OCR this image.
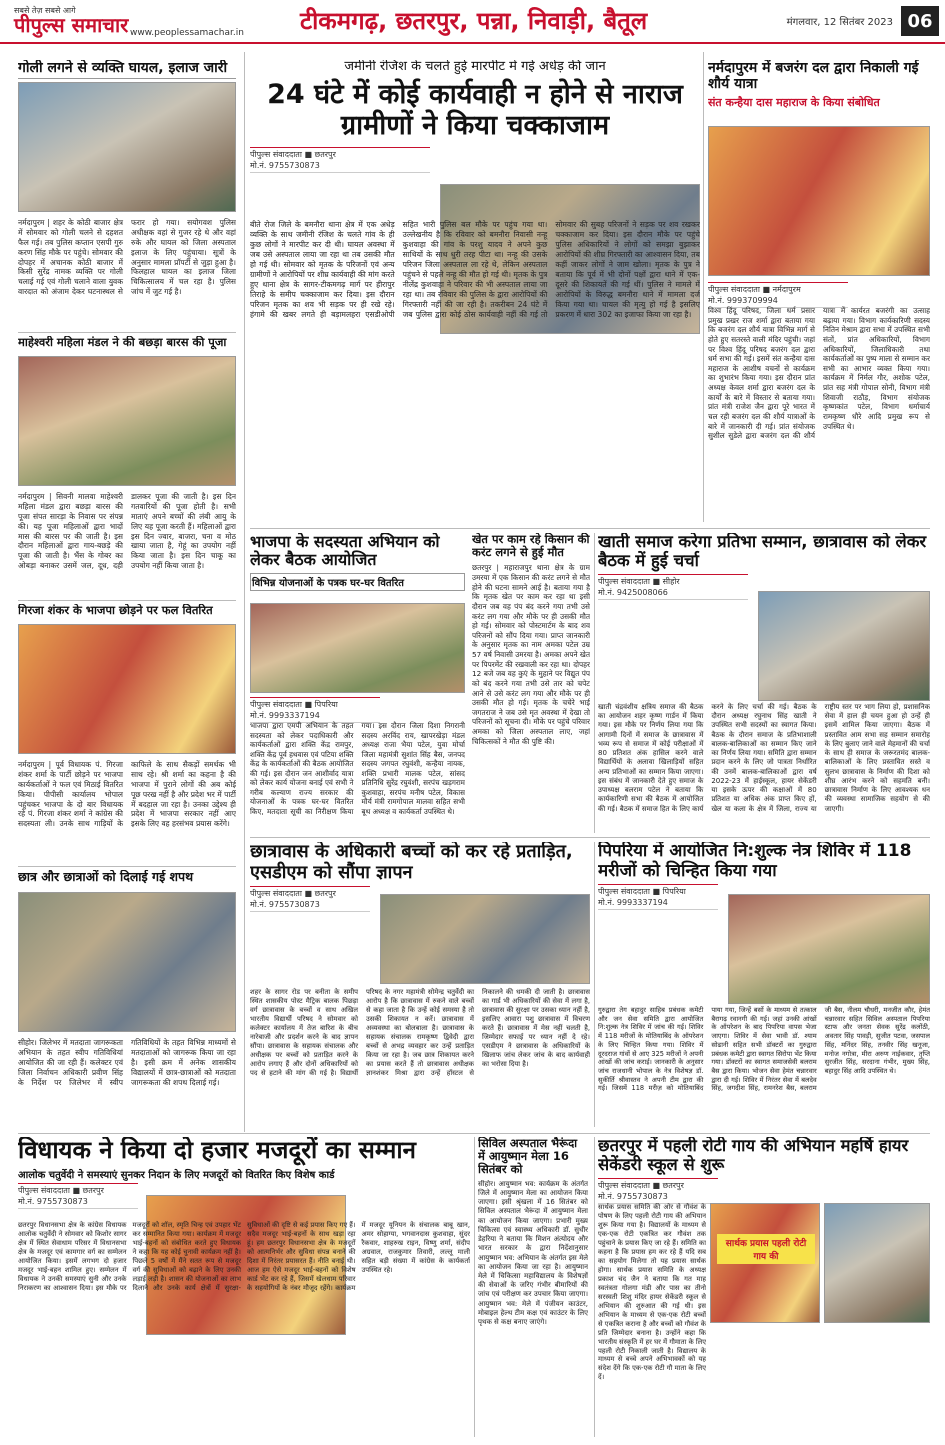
सबसे तेज़ सबसे आगे
पीपुल्स समाचार www.peoplessamachar.in टीकमगढ़, छतरपुर, पन्ना, निवाड़ी, बैतूल	मंगलवार, 12 सितंबर 2023 06
गोली लगने से व्यक्ति घायल, इलाज जारी
नर्मदापुरम | शहर के कोठी बाजार क्षेत्र में सोमवार को गोली चलने से दहशत फैल गई। तब पुलिस कप्तान एसपी गुरु करण सिंह मौके पर पहुंचे। सोमवार की दोपहर में अचानक कोठी बाजार में किसी सुरेंद्र नामक व्यक्ति पर गोली चलाई गई एवं गोली चलाने वाला युवक वारदात को अंजाम देकर घटनास्थल से फरार हो गया। सयोगवश पुलिस अधीक्षक वहां से गुजर रहे थे और वहां रुके और घायल को जिला अस्पताल इलाज के लिए पहुंचाया। सूत्रों के अनुसार मामला प्रॉपर्टी से जुड़ा हुआ है। फिलहाल घायल का इलाज जिला चिकित्सालय में चल रहा है। पुलिस जांच में जुट गई है।
माहेश्वरी महिला मंडल ने की बछड़ा बारस की पूजा
नर्मदापुरम | सिवनी मालवा माहेश्वरी महिला मंडल द्वारा बछड़ा बारस की पूजा संपत सारड़ा के निवास पर संपन्न की। यह पूजा महिलाओं द्वारा भादों मास की बारस पर की जाती है। इस दौरान महिलाओं द्वारा गाय-बछड़े की पूजा की जाती है। भैंस के गोबर का ओबड़ा बनाकर उसमें जल, दूध, दही डालकर पूजा की जाती है। इस दिन गतवारियों की पूजा होती है। सभी माताएं अपने बच्चों की लंबी आयु के लिए यह पूजा करती हैं। महिलाओं द्वारा इस दिन ज्वार, बाजरा, चना व मोठ खाया जाता है, गेहूं का उपयोग नहीं किया जाता है। इस दिन चाकू का उपयोग नहीं किया जाता है।
गिरजा शंकर के भाजपा छोड़ने पर फल वितरित
नर्मदापुरम | पूर्व विधायक पं. गिरजा शंकर शर्मा के पार्टी छोड़ने पर भाजपा कार्यकर्ताओं ने फल एवं मिठाई वितरित किया। पीपीसी कार्यालय भोपाल पहुंचकर भाजपा के दो बार विधायक रहे पं. गिरजा शंकर शर्मा ने कांग्रेस की सदस्यता ली। उनके साथ गाड़ियों के काफिले के साथ सैकड़ों समर्थक भी साथ रहे। श्री शर्मा का कहना है की भाजपा में पुराने लोगों की अब कोई पूछ परख नहीं है और प्रदेश भर में पार्टी में बदहाल जा रहा है। उनका उद्देश्य ही प्रदेश में भाजपा सरकार नहीं आए इसके लिए वह हरसंभव प्रयास करेंगे।
छात्र और छात्राओं को दिलाई गई शपथ
सीहोर। जिलेभर में मतदाता जागरूकता अभियान के तहत स्वीप गतिविधियां आयोजित की जा रही हैं। कलेक्टर एवं जिला निर्वाचन अधिकारी प्रवीण सिंह के निर्देश पर जिलेभर में स्वीप गतिविधियों के तहत विभिन्न माध्यमों से मतदाताओं को जागरूक किया जा रहा है। इसी क्रम में अनेक शासकीय विद्यालयों में छात्र-छात्राओं को मतदाता जागरूकता की शपथ दिलाई गई।
जमीनी रंजिश के चलते हुई मारपीट में गई अधेड़ की जान
24 घंटे में कोई कार्यवाही न होने से नाराज ग्रामीणों ने किया चक्काजाम
पीपुल्स संवाददाता ■ छतरपुर
मो.नं. 9755730873
बीते रोज जिले के बमनौरा थाना क्षेत्र में एक अधेड़ व्यक्ति के साथ जमीनी रंजिश के चलते गांव के ही कुछ लोगों ने मारपीट कर दी थी। घायल अवस्था में जब उसे अस्पताल लाया जा रहा था तब उसकी मौत हो गई थी। सोमवार को मृतक के परिजनों एवं अन्य ग्रामीणों ने आरोपियों पर शीघ्र कार्यवाही की मांग करते हुए थाना क्षेत्र के सागर-टीकमगढ़ मार्ग पर हीरापुर तिराहे के समीप चक्काजाम कर दिया। इस दौरान परिजन मृतक का शव भी सड़क पर ही रखे रहे। हंगामे की खबर लगते ही बड़ामलहरा एसडीओपी सहित भारी पुलिस बल मौके पर पहुंच गया था। उल्लेखनीय है कि रविवार को बमनौरा निवासी नन्हू कुशवाहा की गांव के परशु यादव ने अपने कुछ साथियों के साथ धुरी तरह पीटा था। नन्हू की उसके परिजन जिला अस्पताल ला रहे थे, लेकिन अस्पताल पहुंचने से पहले नन्हू की मौत हो गई थी। मृतक के पुत्र नीलेंद्र कुशवाहा ने परिवार की भी अस्पताल लाया जा रहा था। तब रविवार की पुलिस के द्वारा आरोपियों की गिरफ्तारी नहीं की जा रही है। तकरीबन 24 घंटे में जब पुलिस द्वारा कोई ठोस कार्यवाही नहीं की गई तो सोमवार की सुबह परिजनों ने सड़क पर शव रखकर चक्काजाम कर दिया। इस दौरान मौके पर पहुंचे पुलिस अधिकारियों ने लोगों को समझा बुझाकर आरोपियों की शीघ्र गिरफ्तारी का आश्वासन दिया, तब कहीं जाकर लोगों ने जाम खोला। मृतक के पुत्र ने बताया कि पूर्व में भी दोनों पक्षों द्वारा थाने में एक-दूसरे की शिकायतें की गई थीं। पुलिस ने मामले में आरोपियों के विरुद्ध बमनौरा थाने में मामला दर्ज किया गया था। घायल की मृत्यु हो गई है इसलिए प्रकरण में धारा 302 का इजाफा किया जा रहा है।
नर्मदापुरम में बजरंग दल द्वारा निकाली गई शौर्य यात्रा
संत कन्हैया दास महाराज के किया संबोधित
पीपुल्स संवाददाता ■ नर्मदापुरम
मो.नं. 9993709994
विश्व हिंदू परिषद, जिला धर्म प्रसार प्रमुख प्रखर राज शर्मा द्वारा बताया गया कि बजरंग दल शौर्य यात्रा विभिन्न मार्ग से होते हुए सतरस्ते वाली मंदिर पहुंची। जहां पर विश्व हिंदू परिषद बजरंग दल द्वारा धर्म सभा की गई। इसमें संत कन्हैया दास महाराज के आशीष वचनों से कार्यक्रम का शुभारंभ किया गया। इस दौरान प्रांत अध्यक्ष केवल शर्मा द्वारा बजरंग दल के कार्यों के बारे में विस्तार से बताया गया। प्रांत मंत्री राजेश जैन द्वारा पूरे भारत में चल रही बजरंग दल की शौर्य यात्राओं के बारे में जानकारी दी गई। प्रांत संयोजक सुशील सुडेले द्वारा बजरंग दल की शौर्य यात्रा में कार्यरत बजरंगी का उत्साह बढ़ाया गया। विभाग कार्यकारिणी सदस्य नितिन मेश्राम द्वारा सभा में उपस्थित सभी संतों, प्रांत अधिकारियों, विभाग अधिकारियों, जिलाधिकारी तथा कार्यकर्ताओं का पुष्प माला से सम्मान कर सभी का आभार व्यक्त किया गया। कार्यक्रम में निर्मल गौर, अशोक पटेल, प्रांत सह मंत्री गोपाल सोनी, विभाग मंत्री शिवाजी राठौड़, विभाग संयोजक कृष्णकांत पटेल, विभाग धर्माचार्य रामकृष्ण धौरे आदि प्रमुख रूप से उपस्थित थे।
भाजपा के सदस्यता अभियान को लेकर बैठक आयोजित
विभिन्न योजनाओं के पत्रक घर-घर वितरित
पीपुल्स संवाददाता ■ पिपरिया
मो.नं. 9993337194
भाजपा द्वारा एमपी अभियान के तहत सदस्यता को लेकर पदाधिकारी और कार्यकर्ताओं द्वारा शक्ति केंद्र रामपुर, शक्ति केंद्र पूर्व हथवास एवं पटिया शक्ति केंद्र के कार्यकर्ताओं की बैठक आयोजित की गई। इस दौरान जन आशीर्वाद यात्रा को लेकर कार्य योजना बनाई एवं सभी ने गरीब कल्याण राज्य सरकार की योजनाओं के पत्रक घर-घर वितरित किए, मतदाता सूची का निरीक्षण किया गया। इस दौरान जिला दिशा निगरानी सदस्य अरविंद राय, खापरखेड़ा मंडल अध्यक्ष राजा भैया पटेल, युवा मोर्चा जिला महामंत्री सुशांत सिंह बैस, जनपद सदस्य जगपत रघुवंशी, कन्हैया नायक, शक्ति प्रभारी मालक पटेल, सांसद प्रतिनिधि सुरेंद्र रघुवंशी, सरपंच खड़गराम कुशवाहा, सरपंच मनीष पटेल, विकास मौर्य मंत्री रामगोपाल मालवा सहित सभी बूथ अध्यक्ष व कार्यकर्ता उपस्थित थे।
खेत पर काम रहे किसान की करंट लगने से हुई मौत
छतरपुर | महाराजपुर थाना क्षेत्र के ग्राम उमरया में एक किसान की करंट लगने से मौत होने की घटना सामने आई है। बताया गया है कि मृतक खेत पर काम कर रहा था इसी दौरान जब वह पंप बंद करने गया तभी उसे करंट लग गया और मौके पर ही उसकी मौत हो गई। सोमवार को पोस्टमार्टम के बाद शव परिजनों को सौंप दिया गया। प्राप्त जानकारी के अनुसार मृतक का नाम अमका पटेल उम्र 57 वर्ष निवासी उमरया है। अमका अपने खेत पर पिपरमेंट की रखवाली कर रहा था। दोपहर 12 बजे जब वह कुएं के मुहाने पर विद्युत पंप को बंद करने गया तभी उसे तार को चपेट आने से उसे करंट लग गया और मौके पर ही उसकी मौत हो गई। मृतक के चचेरे भाई जगतराज ने जब उसे मृत अवस्था में देखा तो परिजनों को सूचना दी। मौके पर पहुंचे परिवार अमका को जिला अस्पताल लाए, जहां चिकित्सकों ने मौत की पुष्टि की।
खाती समाज करेगा प्रतिभा सम्मान, छात्रावास को लेकर बैठक में हुई चर्चा
पीपुल्स संवाददाता ■ सीहोर
मो.नं. 9425008066
खाती चंद्रवंशीय क्षत्रिय समाज की बैठक का आयोजन शहर कृष्ण गार्डन में किया गया। इस मौके पर निर्णय लिया गया कि आगामी दिनों में समाज के छात्रावास में भव्य रूप से समाज में कोई परीक्षाओं में 80 प्रतिशत अंक हासिल करने वाले विद्यार्थियों के अलावा खिलाड़ियों सहित अन्य प्रतिभाओं का सम्मान किया जाएगा। इस संबंध में जानकारी देते हुए समाज के उपाध्यक्ष बलराम पटेल ने बताया कि कार्यकारिणी सभा की बैठक में आयोजित की गई। बैठक में समाज हित के लिए कार्य करने के लिए चर्चा की गई। बैठक के दौरान अध्यक्ष रघुनाथ सिंह खाती ने उपस्थित सभी सदस्यों का स्वागत किया। बैठक के दौरान समाज के प्रतिभाशाली बालक-बालिकाओं का सम्मान किए जाने का निर्णय लिया गया। समिति द्वारा सम्मान प्रदान करने के लिए जो पात्रता निर्धारित की उनमें बालक-बालिकाओं द्वारा वर्ष 2022-23 में हाईस्कूल, हायर सेकेंडरी या इसके ऊपर की कक्षाओं में 80 प्रतिशत या अधिक अंक प्राप्त किए हों, खेल या कला के क्षेत्र में जिला, राज्य या राष्ट्रीय स्तर पर भाग लिया हो, प्रशासनिक सेवा में हाल ही चयन हुआ हो उन्हें ही इसमें शामिल किया जाएगा। बैठक में प्रस्तावित आम सभा सह सम्मान समारोह के लिए बुलाए जाने वाले मेहमानों की चर्चा के साथ ही समाज के जरूरतमंद बालक-बालिकाओं के लिए प्रस्तावित सस्ते व सुलभ छात्रावास के निर्माण की दिशा को शीघ्र आरंभ करने को सहमति बनी। छात्रावास निर्माण के लिए आवश्यक धन की व्यवस्था सामाजिक सहयोग से की जाएगी।
छात्रावास के अधिकारी बच्चों को कर रहे प्रताड़ित, एसडीएम को सौंपा ज्ञापन
पीपुल्स संवाददाता ■ छतरपुर
मो.नं. 9755730873
शहर के सागर रोड पर बनीता के समीप स्थित शासकीय पोस्ट मैट्रिक बालक पिछड़ा वर्ग छात्रावास के बच्चों व साथ अखिल भारतीय विद्यार्थी परिषद ने सोमवार को कलेक्टर कार्यालय में तेज बारिश के बीच नारेबाजी और प्रदर्शन करने के बाद ज्ञापन सौंपा। छात्रावास के सहायक संचालक और अधीक्षक पर बच्चों को प्रताड़ित करने के आरोप लगाए हैं और दोनों अधिकारियों को पद से हटाने की मांग की गई है। विद्यार्थी परिषद के नगर महामंत्री सोमेन्द्र चतुर्वेदी का आरोप है कि छात्रावास में रुकने वाले बच्चों से कहा जाता है कि उन्हें कोई समस्या है तो उसकी शिकायत न करें। छात्रावास में अव्यवस्था का बोलबाला है। छात्रावास के सहायक संचालक रामकृष्ण द्विवेदी द्वारा बच्चों से अभद्र व्यवहार कर उन्हें प्रताड़ित किया जा रहा है। जब छात्र शिकायत करने का प्रयास करते हैं तो छात्रावास अधीक्षक ज्ञानशंकर मिश्रा द्वारा उन्हें हॉस्टल से निकालने की धमकी दी जाती है। छात्रावास का गार्ड भी अधिकारियों की सेवा में लगा है, छात्रावास की सुरक्षा पर उसका ध्यान नहीं है, इसलिए आवारा पशु छात्रावास में विचरण करते हैं। छात्रावास में मेस नहीं चलती है, जिम्मेदार सफाई पर ध्यान नहीं दे रहे। एसडीएम ने छात्रावास के अधिकारियों के खिलाफ जांच लेकर जांच के बाद कार्यवाही का भरोसा दिया है।
पिपरिया में आयोजित नि:शुल्क नेत्र शिविर में 118 मरीजों को चिन्हित किया गया
पीपुल्स संवाददाता ■ पिपरिया
मो.नं. 9993337194
गुरुद्वारा तेग बहादुर साहिब प्रबंधक कमेटी और जन सेवा समिति द्वारा आयोजित नि:शुल्क नेत्र शिविर में जांच की गई। शिविर में 118 मरीजों के मोतियाबिंद के ऑपरेशन के लिए चिन्हित किया गया। शिविर में दूरदराज गांवों से आए 325 मरीजों ने अपनी आंखों की जांच कराई। जानकारी के अनुसार जांच राजधानी भोपाल के नेत्र विशेषज्ञ डॉ. सुकीर्ति श्रीवास्तव ने अपनी टीम द्वारा की गई। जिसमें 118 मरीज़ को मोतियाबिंद पाया गया, जिन्हें बसों के माध्यम से तत्काल बैरागढ़ रवानगी की गई। जहां उनकी आंखों के ऑपरेशन के बाद पिपरिया वापस भेजा जाएगा। शिविर में सेवा भावी डॉ. श्याम सोढानी सहित सभी डॉक्टरों का गुरुद्वारा प्रबंधक कमेटी द्वारा स्वागत सिरोपा भेंट किया गया। डॉक्टरों का स्वागत समाजसेवी बलराम बैस द्वारा किया। भोजन सेवा हेमंत चन्नारवार द्वारा दी गई। शिविर में निरंतर सेवा में बलदेव सिंह, जगदीश सिंह, रामनरेश बैस, बलराम जी बैस, नीलम चौधरी, मनजीत कौर, हेमंत चन्नारवार सहित सिविल अस्पताल पिपरिया स्टाफ और जनता सेवक सुरेंद्र कलोंठी, अवतार सिंह पावड़ी, सुजीत पटवा, जसपाल सिंह, मनिंदर सिंह, तनवीर सिंह खनूजा, मनोज नगोत्रा, मीरा अरुण नाईकवार, तृप्ति सुरजीत सिंह, सरदाना गंभीर, मुख्य सिंह, बहादुर सिंह आदि उपस्थित थे।
विधायक ने किया दो हजार मजदूरों का सम्मान
आलोक चतुर्वेदी ने समस्याएं सुनकर निदान के लिए मजदूरों को वितरित किए विशेष कार्ड
पीपुल्स संवाददाता ■ छतरपुर
मो.नं. 9755730873
छतरपुर विधानसभा क्षेत्र के कांग्रेस विधायक आलोक चतुर्वेदी ने सोमवार को किशोर सागर क्षेत्र में स्थित सेवाधाम परिसर में विधानसभा क्षेत्र के मजदूर एवं कामगार वर्ग का सम्मेलन आयोजित किया। इसमें लगभग दो हजार मजदूर भाई-बहन शामिल हुए। सम्मेलन में विधायक ने उनकी समस्याएं सुनी और उनके निराकरण का आश्वासन दिया। इस मौके पर मजदूरों को शॉल, स्मृति चिन्ह एवं उपहार भेंट कर सम्मानित किया गया। कार्यक्रम में मजदूर भाई-बहनों को संबोधित करते हुए विधायक ने कहा कि यह कोई चुनावी कार्यक्रम नहीं है। पिछले 5 वर्षों में मैंने सतत रूप से मजदूर वर्ग की सुविधाओं को बढ़ाने के लिए उनकी लड़ाई लड़ी है। शासन की योजनाओं का लाभ दिलाने और उनके कार्य क्षेत्रों में सुरक्षा-सुविधाओं की दृष्टि से कई प्रयास किए गए हैं। सदैव मजदूर भाई-बहनों के साथ खड़ा रहा हूं। हम छतरपुर विधानसभा क्षेत्र के मजदूरों को आत्मनिर्भर और सुविधा संपन्न बनाने की दिशा में निरंतर प्रयासरत हैं। नीति बनाई थी। आज हम ऐसे मजदूर भाई-बहनों को विशेष कार्ड भेंट कर रहे हैं, जिसमें खेलधाम परिवार के सहयोगियों के नंबर मौजूद रहेंगे। कार्यक्रम में मजदूर यूनियन के संचालक बाबू खान, अमर सोहाग्या, भगवानदास कुशवाहा, सुंदर रैकवार, शाहरुख राइन, विष्णु शर्मा, संदीप अग्रवाल, राजकुमार तिवारी, लल्लू माली सहित बड़ी संख्या में कांग्रेस के कार्यकर्ता उपस्थित रहे।
सिविल अस्पताल भैरूंदा में आयुष्मान मेला 16 सितंबर को
सीहोर। आयुष्मान भव: कार्यक्रम के अंतर्गत जिले में आयुष्मान मेला का आयोजन किया जाएगा। इसी श्रृंखला में 16 सितंबर को सिविल अस्पताल भैरूंदा में आयुष्मान मेला का आयोजन किया जाएगा। प्रभारी मुख्य चिकित्सा एवं स्वास्थ्य अधिकारी डॉ. सुधीर डेहरिया ने बताया कि मिशन अंत्योदय और भारत सरकार के द्वारा निर्देशानुसार आयुष्मान भव: अभियान के अंतर्गत इस मेले का आयोजन किया जा रहा है। आयुष्मान मेले में चिकित्सा महाविद्यालय के विशेषज्ञों की सेवाओं के जरिए गंभीर बीमारियों की जांच एवं परीक्षण कर उपचार किया जाएगा। आयुष्मान भव: मेले में पंजीयन काउंटर, मोबाइल हेल्थ टीम कक्ष एवं काउंटर के लिए पृथक से कक्ष बनाए जाएंगे।
छतरपुर में पहली रोटी गाय की अभियान महर्षि हायर सेकेंडरी स्कूल से शुरू
पीपुल्स संवाददाता ■ छतरपुर
मो.नं. 9755730873
सार्थक प्रयास पहली रोटी गाय की
सार्थक प्रयास समिति की ओर से गौवंश के पोषण के लिए पहली रोटी गाय की अभियान शुरू किया गया है। विद्यालयों के माध्यम से एक-एक रोटी एकत्रित कर गौवंश तक पहुंचाने के प्रयास किए जा रहे हैं। समिति का कहना है कि प्रयास हम कर रहे हैं यदि सब का सहयोग मिलेगा तो यह प्रयास सार्थक होगा। सार्थक प्रयास समिति के अध्यक्ष प्रकाश चंद जैन ने बताया कि गत माह स्वतंत्रता गोलगा मंडी और पास का तीनो सरस्वती शिशु मंदिर हायर सेकेंडरी स्कूल से अभियान की शुरुआत की गई थी। इस अभियान के माध्यम से एक-एक रोटी बच्चों से एकत्रित कराना है और बच्चों को गौवंश के प्रति जिम्मेदार बनाना है। उन्होंने कहा कि भारतीय संस्कृति में हर घर में गौमाता के लिए पहली रोटी निकाली जाती है। विद्यालय के माध्यम से बच्चे अपने अभिभावकों को यह संदेश देंगे कि एक-एक रोटी गौ माता के लिए दें।
